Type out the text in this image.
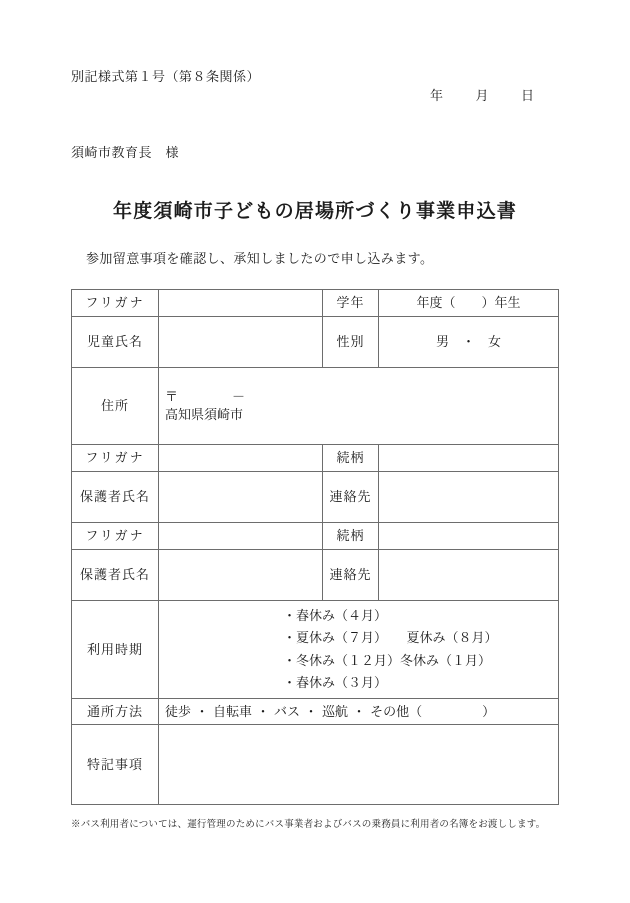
別記様式第１号（第８条関係）
年	月	日
須崎市教育長　様
年度須崎市子どもの居場所づくり事業申込書
参加留意事項を確認し、承知しましたので申し込みます。
フリガナ		学年	年度（　　）年生
児童氏名		性別	男　・　女
住所	〒 －
高知県須崎市		

フリガナ		続柄	
保護者氏名		連絡先	
フリガナ		続柄	
保護者氏名		連絡先	
利用時期	・春休み（４月）
・夏休み（７月）　　夏休み（８月）
・冬休み（１２月）冬休み（１月）
・春休み（３月）		

通所方法	徒歩 ・ 自転車 ・ バス ・ 巡航 ・ その他（ ）		
特記事項			
※バス利用者については、運行管理のためにバス事業者およびバスの乗務員に利用者の名簿をお渡しします。
